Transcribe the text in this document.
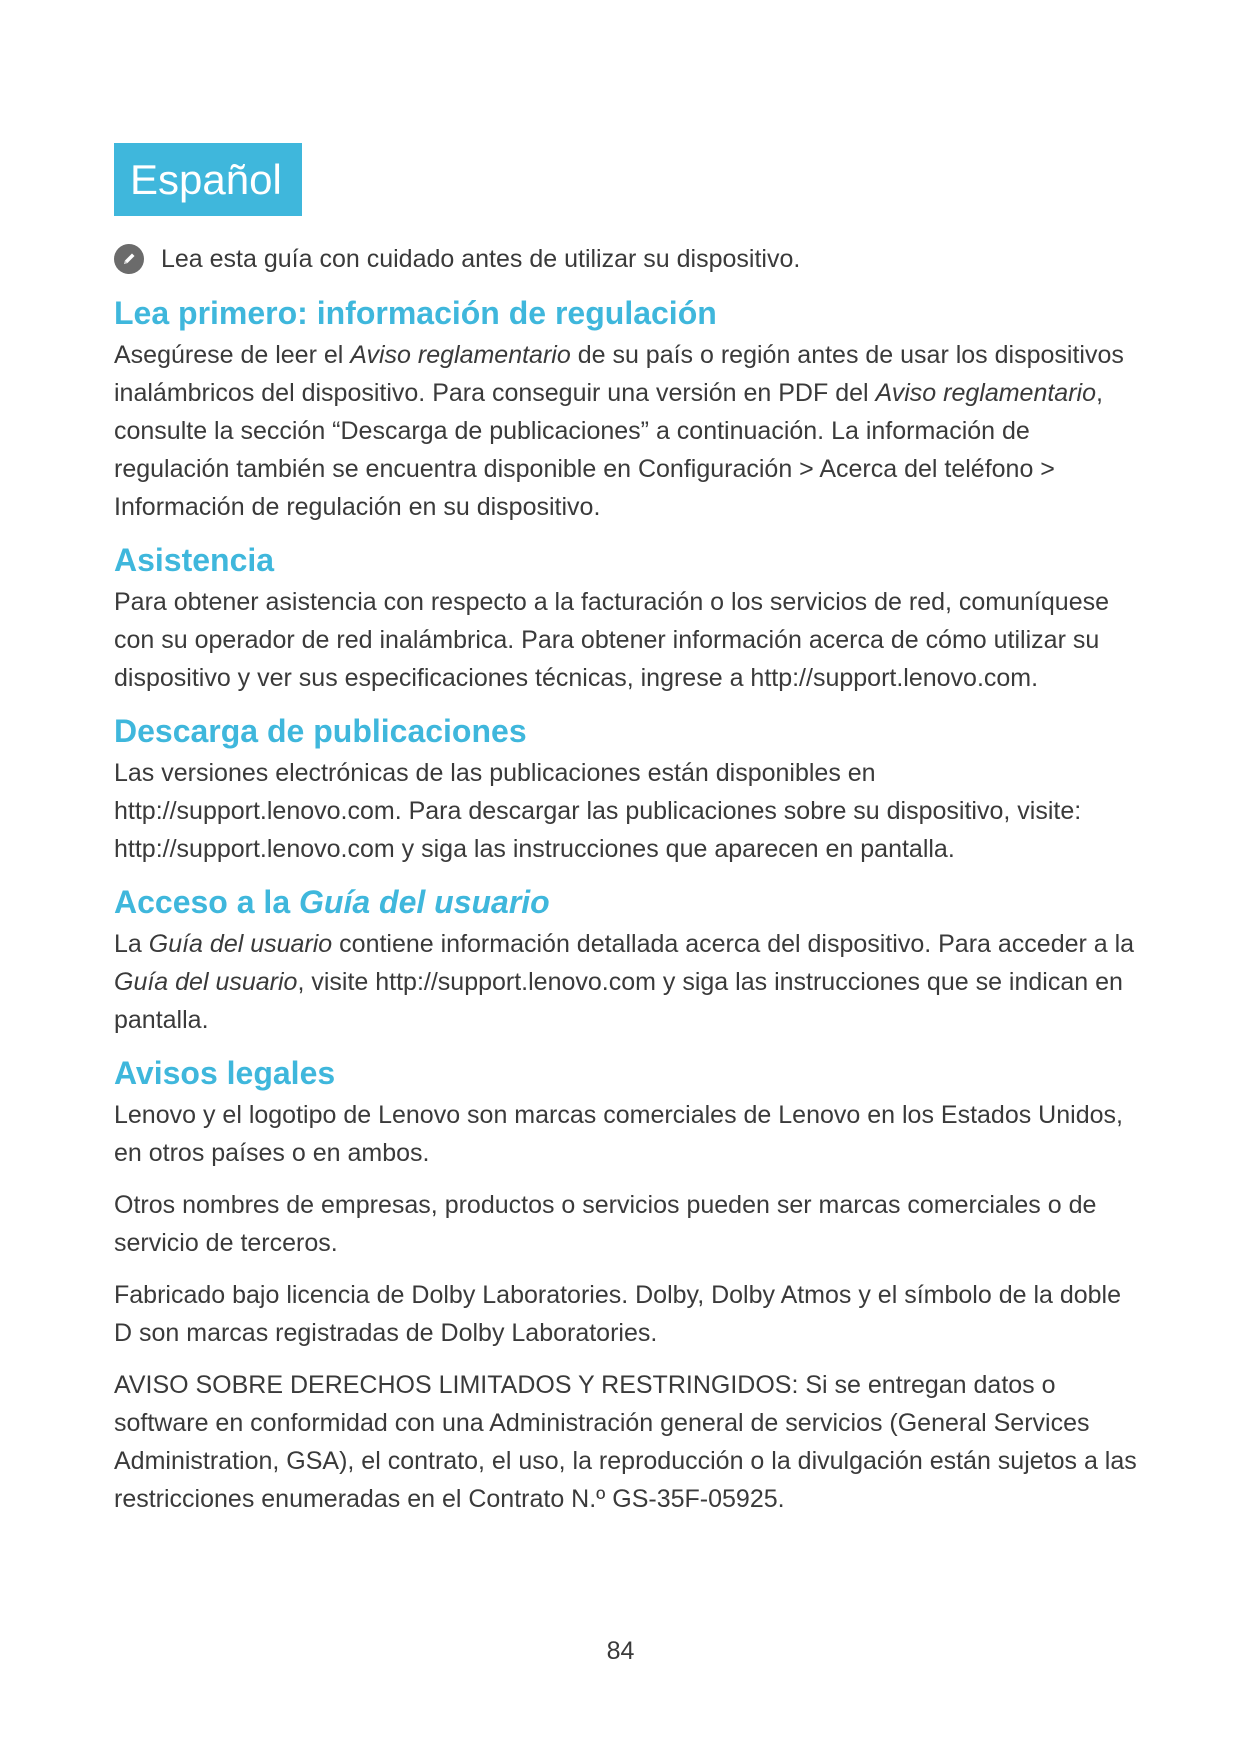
Español
Lea esta guía con cuidado antes de utilizar su dispositivo.
Lea primero: información de regulación

Asegúrese de leer el Aviso reglamentario de su país o región antes de usar los dispositivos inalámbricos del dispositivo. Para conseguir una versión en PDF del Aviso reglamentario, consulte la sección “Descarga de publicaciones” a continuación. La información de regulación también se encuentra disponible en Configuración > Acerca del teléfono > Información de regulación en su dispositivo.

Asistencia

Para obtener asistencia con respecto a la facturación o los servicios de red, comuníquese con su operador de red inalámbrica. Para obtener información acerca de cómo utilizar su dispositivo y ver sus especificaciones técnicas, ingrese a http://support.lenovo.com.

Descarga de publicaciones

Las versiones electrónicas de las publicaciones están disponibles en http://support.lenovo.com. Para descargar las publicaciones sobre su dispositivo, visite: http://support.lenovo.com y siga las instrucciones que aparecen en pantalla.

Acceso a la Guía del usuario

La Guía del usuario contiene información detallada acerca del dispositivo. Para acceder a la Guía del usuario, visite http://support.lenovo.com y siga las instrucciones que se indican en pantalla.

Avisos legales

Lenovo y el logotipo de Lenovo son marcas comerciales de Lenovo en los Estados Unidos, en otros países o en ambos.

Otros nombres de empresas, productos o servicios pueden ser marcas comerciales o de servicio de terceros.

Fabricado bajo licencia de Dolby Laboratories. Dolby, Dolby Atmos y el símbolo de la doble D son marcas registradas de Dolby Laboratories.

AVISO SOBRE DERECHOS LIMITADOS Y RESTRINGIDOS: Si se entregan datos o software en conformidad con una Administración general de servicios (General Services Administration, GSA), el contrato, el uso, la reproducción o la divulgación están sujetos a las restricciones enumeradas en el Contrato N.º GS-35F-05925.

84
